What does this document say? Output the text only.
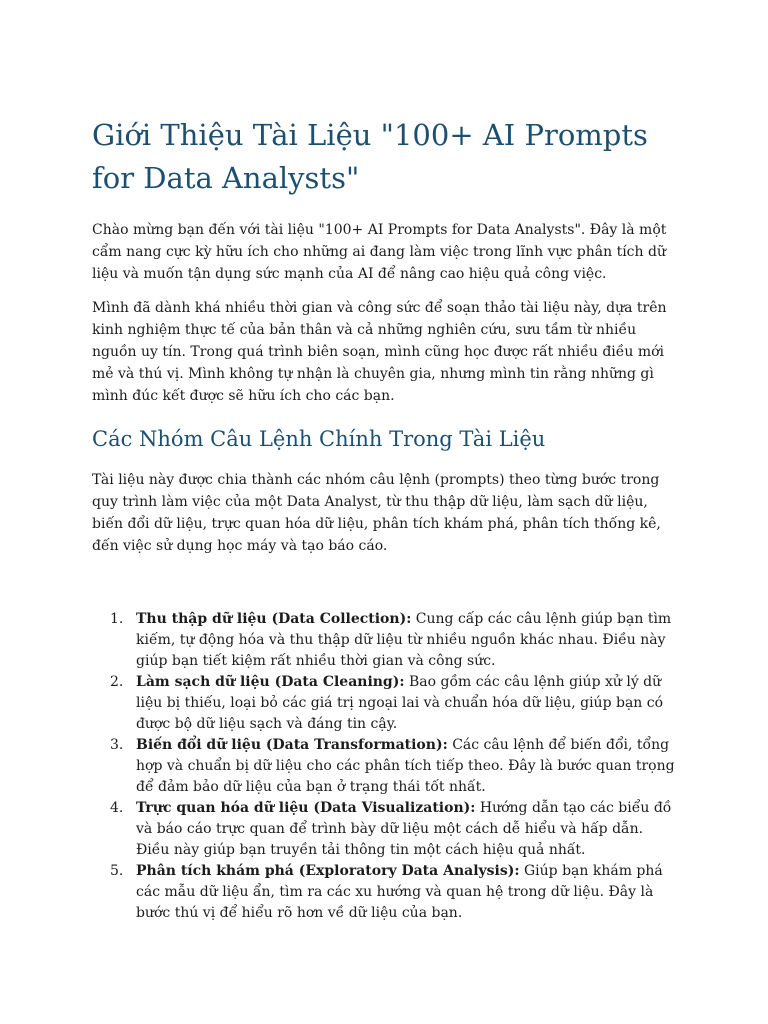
Giới Thiệu Tài Liệu "100+ AI Prompts for Data Analysts"

Chào mừng bạn đến với tài liệu "100+ AI Prompts for Data Analysts". Đây là một cẩm nang cực kỳ hữu ích cho những ai đang làm việc trong lĩnh vực phân tích dữ liệu và muốn tận dụng sức mạnh của AI để nâng cao hiệu quả công việc.

Mình đã dành khá nhiều thời gian và công sức để soạn thảo tài liệu này, dựa trên kinh nghiệm thực tế của bản thân và cả những nghiên cứu, sưu tầm từ nhiều nguồn uy tín. Trong quá trình biên soạn, mình cũng học được rất nhiều điều mới mẻ và thú vị. Mình không tự nhận là chuyên gia, nhưng mình tin rằng những gì mình đúc kết được sẽ hữu ích cho các bạn.

Các Nhóm Câu Lệnh Chính Trong Tài Liệu

Tài liệu này được chia thành các nhóm câu lệnh (prompts) theo từng bước trong quy trình làm việc của một Data Analyst, từ thu thập dữ liệu, làm sạch dữ liệu, biến đổi dữ liệu, trực quan hóa dữ liệu, phân tích khám phá, phân tích thống kê, đến việc sử dụng học máy và tạo báo cáo.

1. Thu thập dữ liệu (Data Collection): Cung cấp các câu lệnh giúp bạn tìm kiếm, tự động hóa và thu thập dữ liệu từ nhiều nguồn khác nhau. Điều này giúp bạn tiết kiệm rất nhiều thời gian và công sức.
2. Làm sạch dữ liệu (Data Cleaning): Bao gồm các câu lệnh giúp xử lý dữ liệu bị thiếu, loại bỏ các giá trị ngoại lai và chuẩn hóa dữ liệu, giúp bạn có được bộ dữ liệu sạch và đáng tin cậy.
3. Biến đổi dữ liệu (Data Transformation): Các câu lệnh để biến đổi, tổng hợp và chuẩn bị dữ liệu cho các phân tích tiếp theo. Đây là bước quan trọng để đảm bảo dữ liệu của bạn ở trạng thái tốt nhất.
4. Trực quan hóa dữ liệu (Data Visualization): Hướng dẫn tạo các biểu đồ và báo cáo trực quan để trình bày dữ liệu một cách dễ hiểu và hấp dẫn. Điều này giúp bạn truyền tải thông tin một cách hiệu quả nhất.
5. Phân tích khám phá (Exploratory Data Analysis): Giúp bạn khám phá các mẫu dữ liệu ẩn, tìm ra các xu hướng và quan hệ trong dữ liệu. Đây là bước thú vị để hiểu rõ hơn về dữ liệu của bạn.
